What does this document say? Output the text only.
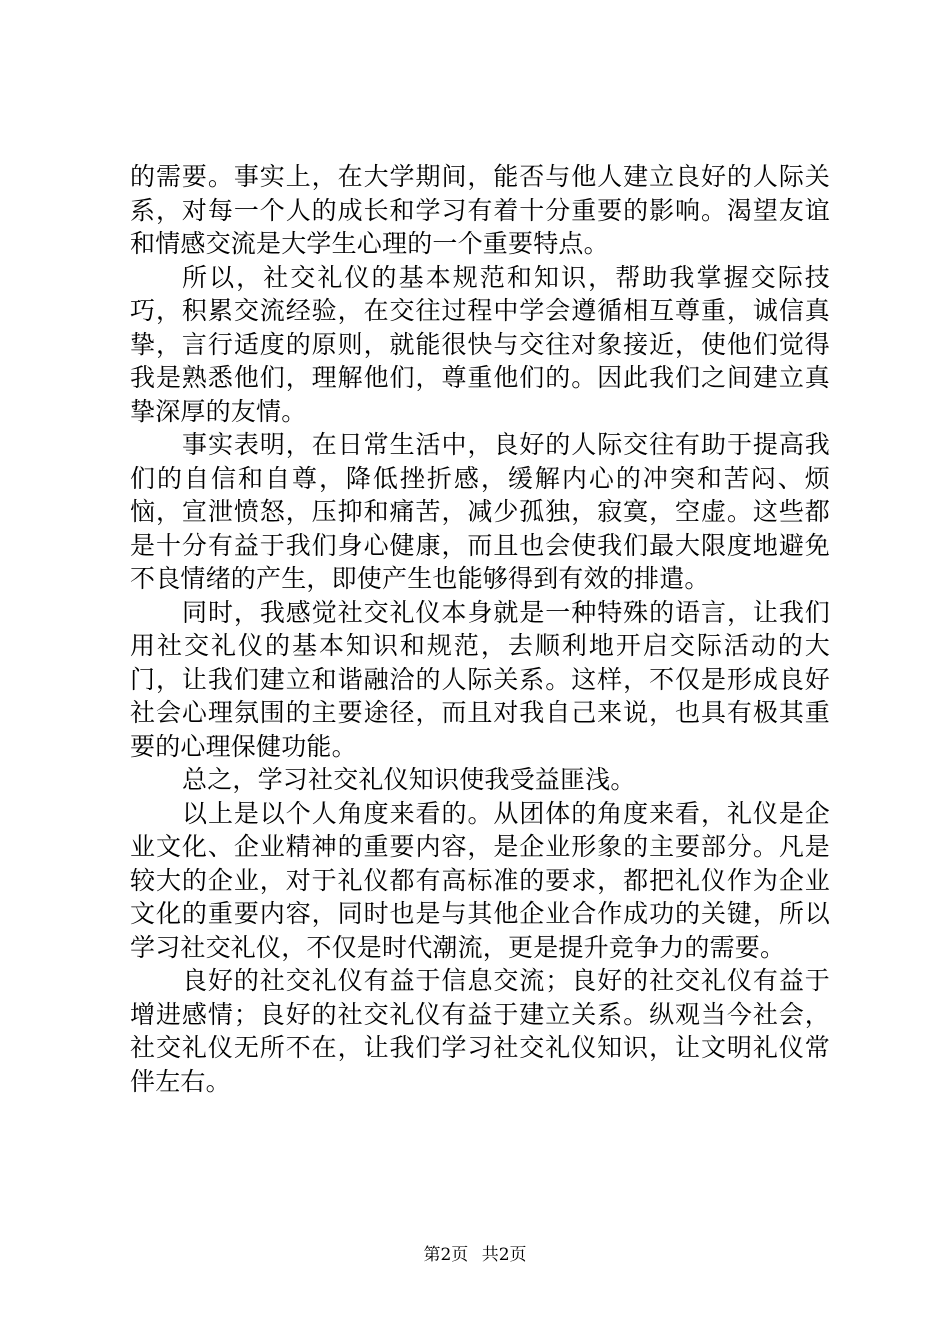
的需要。事实上，在大学期间，能否与他人建立良好的人际关系，对每一个人的成长和学习有着十分重要的影响。渴望友谊和情感交流是大学生心理的一个重要特点。

所以，社交礼仪的基本规范和知识，帮助我掌握交际技巧，积累交流经验，在交往过程中学会遵循相互尊重，诚信真挚，言行适度的原则，就能很快与交往对象接近，使他们觉得我是熟悉他们，理解他们，尊重他们的。因此我们之间建立真挚深厚的友情。

事实表明，在日常生活中，良好的人际交往有助于提高我们的自信和自尊，降低挫折感，缓解内心的冲突和苦闷、烦恼，宣泄愤怒，压抑和痛苦，减少孤独，寂寞，空虚。这些都是十分有益于我们身心健康，而且也会使我们最大限度地避免不良情绪的产生，即使产生也能够得到有效的排遣。

同时，我感觉社交礼仪本身就是一种特殊的语言，让我们用社交礼仪的基本知识和规范，去顺利地开启交际活动的大门，让我们建立和谐融洽的人际关系。这样，不仅是形成良好社会心理氛围的主要途径，而且对我自己来说，也具有极其重要的心理保健功能。

总之，学习社交礼仪知识使我受益匪浅。

以上是以个人角度来看的。从团体的角度来看，礼仪是企业文化、企业精神的重要内容，是企业形象的主要部分。凡是较大的企业，对于礼仪都有高标准的要求，都把礼仪作为企业文化的重要内容，同时也是与其他企业合作成功的关键，所以学习社交礼仪，不仅是时代潮流，更是提升竞争力的需要。

良好的社交礼仪有益于信息交流；良好的社交礼仪有益于增进感情；良好的社交礼仪有益于建立关系。纵观当今社会，社交礼仪无所不在，让我们学习社交礼仪知识，让文明礼仪常伴左右。

第2页 共2页
